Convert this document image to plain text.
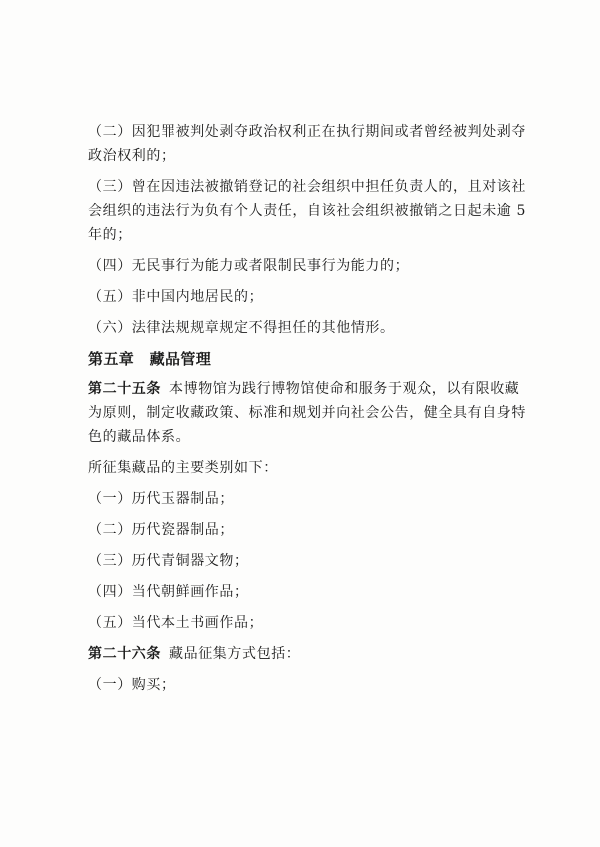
（二）因犯罪被判处剥夺政治权利正在执行期间或者曾经被判处剥夺政治权利的；

（三）曾在因违法被撤销登记的社会组织中担任负责人的，且对该社会组织的违法行为负有个人责任，自该社会组织被撤销之日起未逾 5 年的；

（四）无民事行为能力或者限制民事行为能力的；

（五）非中国内地居民的；

（六）法律法规规章规定不得担任的其他情形。

第五章　藏品管理

第二十五条 本博物馆为践行博物馆使命和服务于观众，以有限收藏为原则，制定收藏政策、标准和规划并向社会公告，健全具有自身特色的藏品体系。

所征集藏品的主要类别如下：

（一）历代玉器制品；

（二）历代瓷器制品；

（三）历代青铜器文物；

（四）当代朝鲜画作品；

（五）当代本土书画作品；

第二十六条 藏品征集方式包括：

（一）购买；
